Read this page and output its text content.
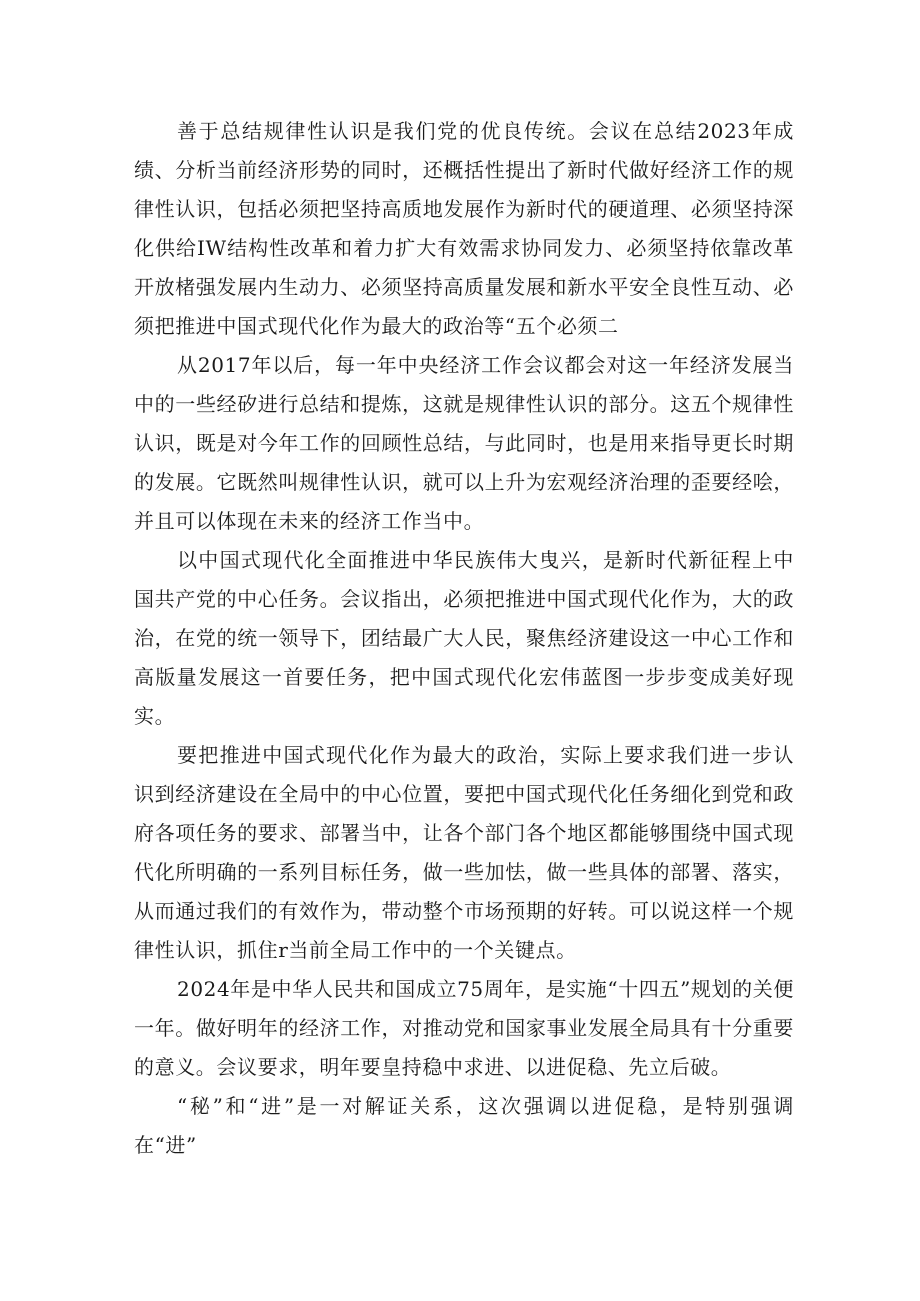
善于总结规律性认识是我们党的优良传统。会议在总结2023年成绩、分析当前经济形势的同时，还概括性提出了新时代做好经济工作的规律性认识，包括必须把坚持高质地发展作为新时代的硬道理、必须坚持深化供给IW结构性改革和着力扩大有效需求协同发力、必须坚持依靠改革开放楮强发展内生动力、必须坚持高质量发展和新水平安全良性互动、必须把推进中国式现代化作为最大的政治等“五个必须二

从2017年以后，每一年中央经济工作会议都会对这一年经济发展当中的一些经矽进行总结和提炼，这就是规律性认识的部分。这五个规律性认识，既是对今年工作的回顾性总结，与此同时，也是用来指导更长时期的发展。它既然叫规律性认识，就可以上升为宏观经济治理的歪要经哙，并且可以体现在未来的经济工作当中。

以中国式现代化全面推进中华民族伟大曳兴，是新时代新征程上中国共产党的中心任务。会议指出，必须把推进中国式现代化作为，大的政治，在党的统一领导下，团结最广大人民，聚焦经济建设这一中心工作和高版量发展这一首要任务，把中国式现代化宏伟蓝图一步步变成美好现实。

要把推进中国式现代化作为最大的政治，实际上要求我们进一步认识到经济建设在全局中的中心位置，要把中国式现代化任务细化到党和政府各项任务的要求、部署当中，让各个部门各个地区都能够围绕中国式现代化所明确的一系列目标任务，做一些加怯，做一些具体的部署、落实，从而通过我们的有效作为，带动整个市场预期的好转。可以说这样一个规律性认识，抓住r当前全局工作中的一个关键点。

2024年是中华人民共和国成立75周年，是实施“十四五”规划的关便一年。做好明年的经济工作，对推动党和国家事业发展全局具有十分重要的意义。会议要求，明年要皇持稳中求进、以进促稳、先立后破。

“秘”和“进”是一对解证关系，这次强调以进促稳，是特别强调在“进”
